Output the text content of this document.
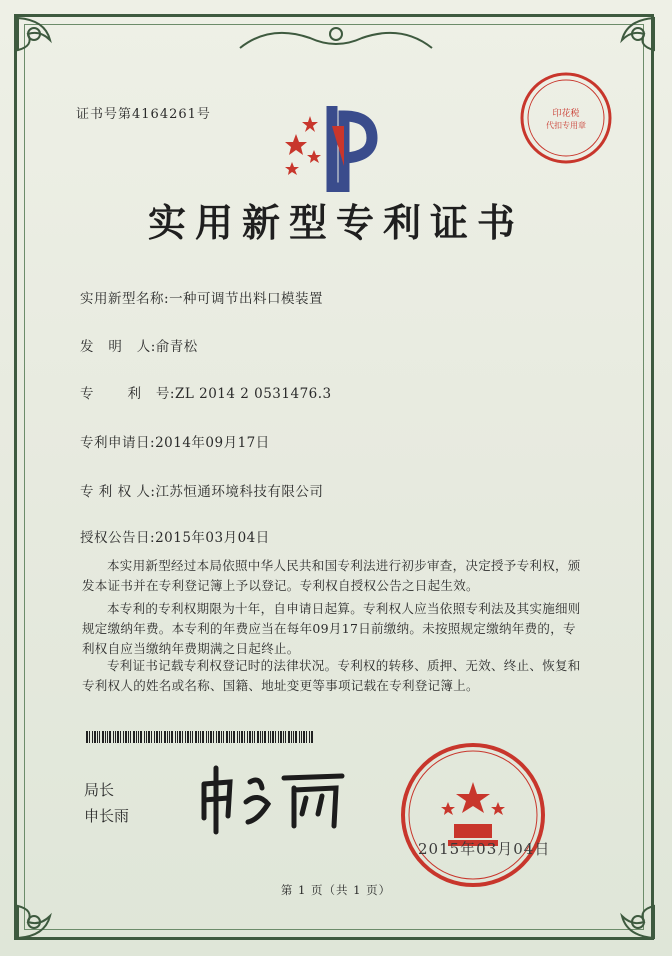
证书号第4164261号
实用新型专利证书
实用新型名称:一种可调节出料口模装置
发   明   人:俞青松
专       利   号:ZL 2014 2 0531476.3
专利申请日:2014年09月17日
专 利 权 人:江苏恒通环境科技有限公司
授权公告日:2015年03月04日
本实用新型经过本局依照中华人民共和国专利法进行初步审查，决定授予专利权，颁
发本证书并在专利登记簿上予以登记。专利权自授权公告之日起生效。
本专利的专利权期限为十年，自申请日起算。专利权人应当依照专利法及其实施细则
规定缴纳年费。本专利的年费应当在每年09月17日前缴纳。未按照规定缴纳年费的，专
利权自应当缴纳年费期满之日起终止。
专利证书记载专利权登记时的法律状况。专利权的转移、质押、无效、终止、恢复和
专利权人的姓名或名称、国籍、地址变更等事项记载在专利登记簿上。
局长
申长雨
印花税
代扣专用章
2015年03月04日
第 1 页（共 1 页）
